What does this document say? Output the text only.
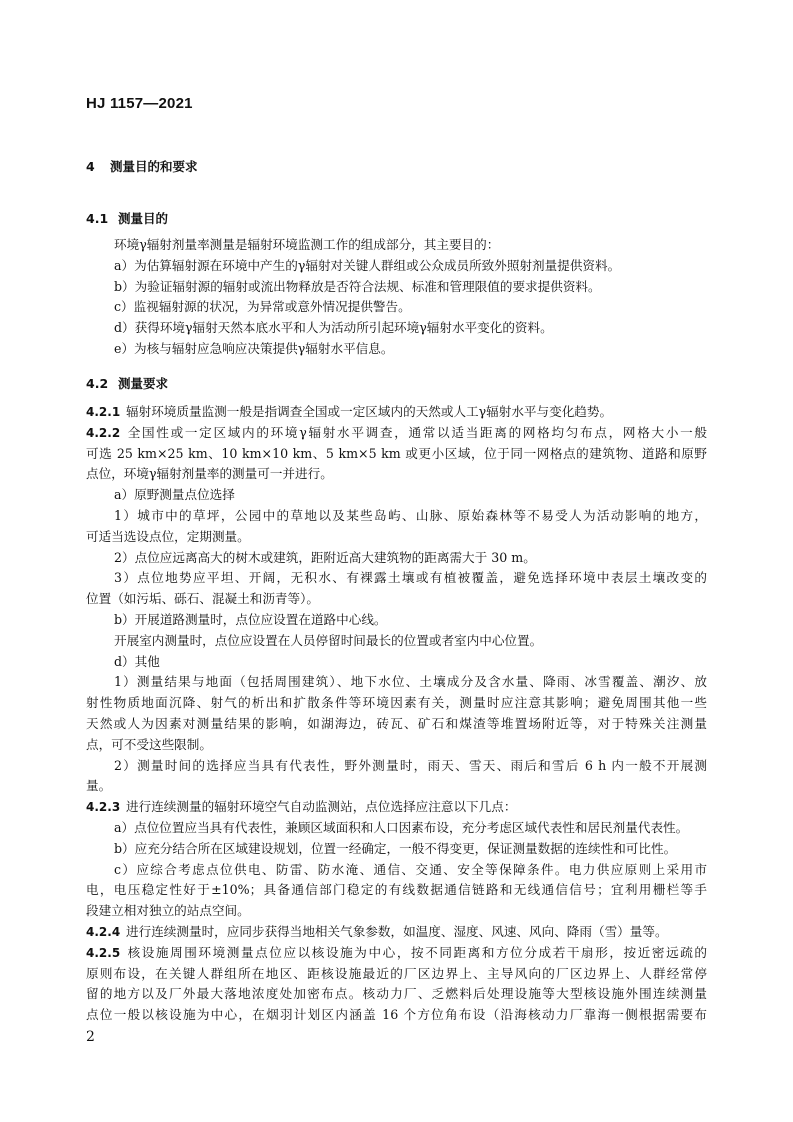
HJ 1157—2021
4 测量目的和要求
4.1 测量目的
环境γ辐射剂量率测量是辐射环境监测工作的组成部分，其主要目的：
a）为估算辐射源在环境中产生的γ辐射对关键人群组或公众成员所致外照射剂量提供资料。
b）为验证辐射源的辐射或流出物释放是否符合法规、标准和管理限值的要求提供资料。
c）监视辐射源的状况，为异常或意外情况提供警告。
d）获得环境γ辐射天然本底水平和人为活动所引起环境γ辐射水平变化的资料。
e）为核与辐射应急响应决策提供γ辐射水平信息。
4.2 测量要求
4.2.1 辐射环境质量监测一般是指调查全国或一定区域内的天然或人工γ辐射水平与变化趋势。
4.2.2 全国性或一定区域内的环境γ辐射水平调查，通常以适当距离的网格均匀布点，网格大小一般
可选 25 km×25 km、10 km×10 km、5 km×5 km 或更小区域，位于同一网格点的建筑物、道路和原野
点位，环境γ辐射剂量率的测量可一并进行。
a）原野测量点位选择
1）城市中的草坪，公园中的草地以及某些岛屿、山脉、原始森林等不易受人为活动影响的地方，
可适当选设点位，定期测量。
2）点位应远离高大的树木或建筑，距附近高大建筑物的距离需大于 30 m。
3）点位地势应平坦、开阔，无积水、有裸露土壤或有植被覆盖，避免选择环境中表层土壤改变的
位置（如污垢、砾石、混凝土和沥青等）。
b）开展道路测量时，点位应设置在道路中心线。
开展室内测量时，点位应设置在人员停留时间最长的位置或者室内中心位置。
d）其他
1）测量结果与地面（包括周围建筑）、地下水位、土壤成分及含水量、降雨、冰雪覆盖、潮汐、放
射性物质地面沉降、射气的析出和扩散条件等环境因素有关，测量时应注意其影响；避免周围其他一些
天然或人为因素对测量结果的影响，如湖海边，砖瓦、矿石和煤渣等堆置场附近等，对于特殊关注测量
点，可不受这些限制。
2）测量时间的选择应当具有代表性，野外测量时，雨天、雪天、雨后和雪后 6 h 内一般不开展测
量。
4.2.3 进行连续测量的辐射环境空气自动监测站，点位选择应注意以下几点：
a）点位位置应当具有代表性，兼顾区域面积和人口因素布设，充分考虑区域代表性和居民剂量代表性。
b）应充分结合所在区域建设规划，位置一经确定，一般不得变更，保证测量数据的连续性和可比性。
c）应综合考虑点位供电、防雷、防水淹、通信、交通、安全等保障条件。电力供应原则上采用市
电，电压稳定性好于±10%；具备通信部门稳定的有线数据通信链路和无线通信信号；宜利用栅栏等手
段建立相对独立的站点空间。
4.2.4 进行连续测量时，应同步获得当地相关气象参数，如温度、湿度、风速、风向、降雨（雪）量等。
4.2.5 核设施周围环境测量点位应以核设施为中心，按不同距离和方位分成若干扇形，按近密远疏的
原则布设，在关键人群组所在地区、距核设施最近的厂区边界上、主导风向的厂区边界上、人群经常停
留的地方以及厂外最大落地浓度处加密布点。核动力厂、乏燃料后处理设施等大型核设施外围连续测量
点位一般以核设施为中心，在烟羽计划区内涵盖 16 个方位角布设（沿海核动力厂靠海一侧根据需要布
2
